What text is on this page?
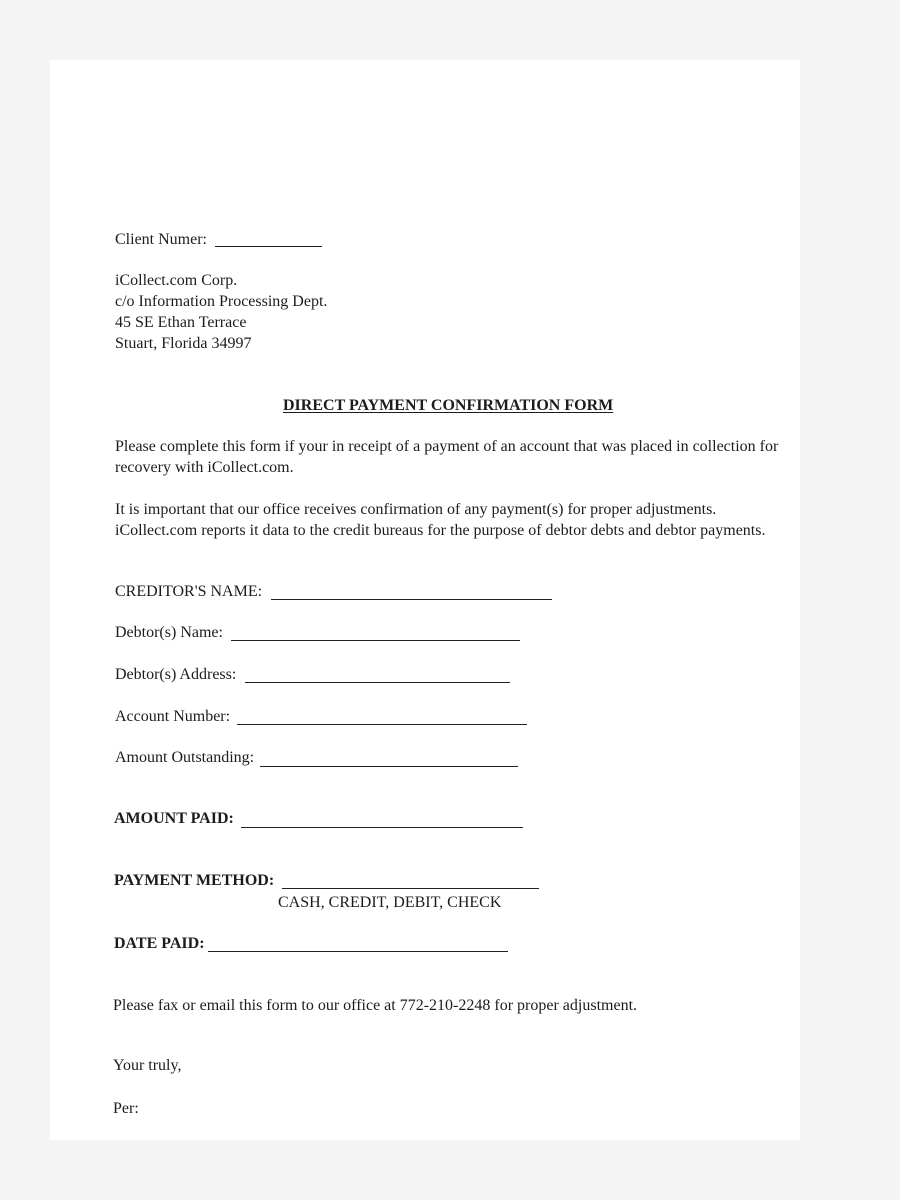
Client Numer:
iCollect.com Corp.
c/o Information Processing Dept.
45 SE Ethan Terrace
Stuart, Florida 34997
DIRECT PAYMENT CONFIRMATION FORM
Please complete this form if your in receipt of a payment of an account that was placed in collection for
recovery with iCollect.com.
It is important that our office receives confirmation of any payment(s) for proper adjustments.
iCollect.com reports it data to the credit bureaus for the purpose of debtor debts and debtor payments.
CREDITOR'S NAME:
Debtor(s) Name:
Debtor(s) Address:
Account Number:
Amount Outstanding:
AMOUNT PAID:
PAYMENT METHOD:
CASH, CREDIT, DEBIT, CHECK
DATE PAID:
Please fax or email this form to our office at 772-210-2248 for proper adjustment.
Your truly,
Per:
